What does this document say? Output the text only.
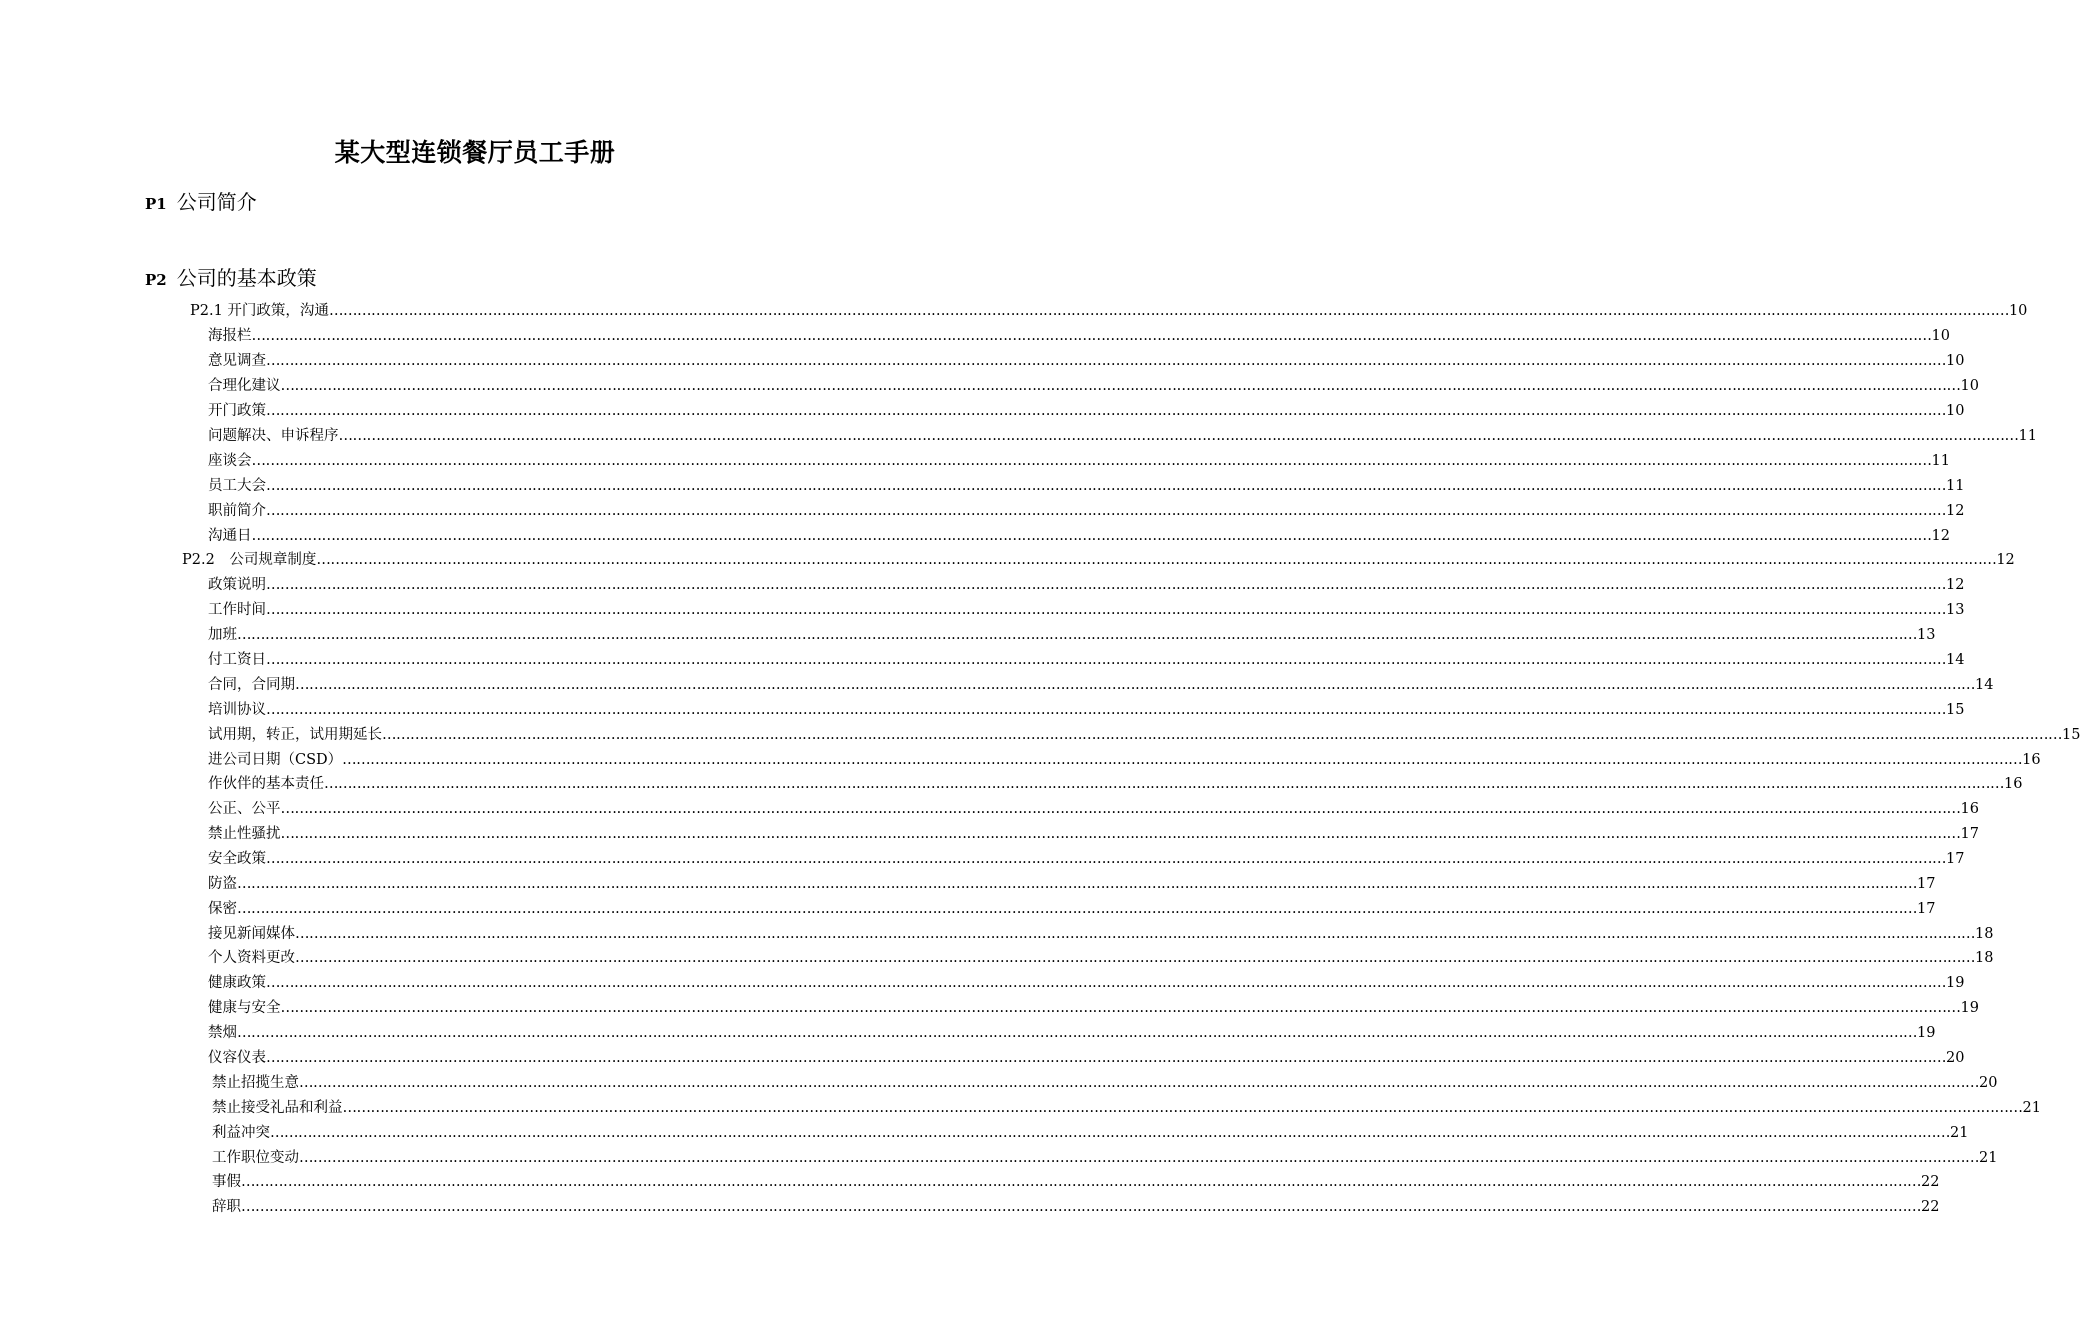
某大型连锁餐厅员工手册
P1 公司简介
P2 公司的基本政策
P2.1 开门政策，沟通 ……………………………………………………………………………………………………………………………………………………………………………………………………………………………………………………………………………………………………………………………… 10
海报栏 ……………………………………………………………………………………………………………………………………………………………………………………………………………………………………………………………………………………………………………………………… 10
意见调查 ……………………………………………………………………………………………………………………………………………………………………………………………………………………………………………………………………………………………………………………………… 10
合理化建议 ……………………………………………………………………………………………………………………………………………………………………………………………………………………………………………………………………………………………………………………………… 10
开门政策 ……………………………………………………………………………………………………………………………………………………………………………………………………………………………………………………………………………………………………………………………… 10
问题解决、申诉程序 ……………………………………………………………………………………………………………………………………………………………………………………………………………………………………………………………………………………………………………………………… 11
座谈会 ……………………………………………………………………………………………………………………………………………………………………………………………………………………………………………………………………………………………………………………………… 11
员工大会 ……………………………………………………………………………………………………………………………………………………………………………………………………………………………………………………………………………………………………………………………… 11
职前简介 ……………………………………………………………………………………………………………………………………………………………………………………………………………………………………………………………………………………………………………………………… 12
沟通日 ……………………………………………………………………………………………………………………………………………………………………………………………………………………………………………………………………………………………………………………………… 12
P2.2　公司规章制度 ……………………………………………………………………………………………………………………………………………………………………………………………………………………………………………………………………………………………………………………………… 12
政策说明 ……………………………………………………………………………………………………………………………………………………………………………………………………………………………………………………………………………………………………………………………… 12
工作时间 ……………………………………………………………………………………………………………………………………………………………………………………………………………………………………………………………………………………………………………………………… 13
加班 ……………………………………………………………………………………………………………………………………………………………………………………………………………………………………………………………………………………………………………………………… 13
付工资日 ……………………………………………………………………………………………………………………………………………………………………………………………………………………………………………………………………………………………………………………………… 14
合同，合同期 ……………………………………………………………………………………………………………………………………………………………………………………………………………………………………………………………………………………………………………………………… 14
培训协议 ……………………………………………………………………………………………………………………………………………………………………………………………………………………………………………………………………………………………………………………………… 15
试用期，转正，试用期延长 ……………………………………………………………………………………………………………………………………………………………………………………………………………………………………………………………………………………………………………………………… 15
进公司日期（CSD） ……………………………………………………………………………………………………………………………………………………………………………………………………………………………………………………………………………………………………………………………… 16
作伙伴的基本责任 ……………………………………………………………………………………………………………………………………………………………………………………………………………………………………………………………………………………………………………………………… 16
公正、公平 ……………………………………………………………………………………………………………………………………………………………………………………………………………………………………………………………………………………………………………………………… 16
禁止性骚扰 ……………………………………………………………………………………………………………………………………………………………………………………………………………………………………………………………………………………………………………………………… 17
安全政策 ……………………………………………………………………………………………………………………………………………………………………………………………………………………………………………………………………………………………………………………………… 17
防盗 ……………………………………………………………………………………………………………………………………………………………………………………………………………………………………………………………………………………………………………………………… 17
保密 ……………………………………………………………………………………………………………………………………………………………………………………………………………………………………………………………………………………………………………………………… 17
接见新闻媒体 ……………………………………………………………………………………………………………………………………………………………………………………………………………………………………………………………………………………………………………………………… 18
个人资料更改 ……………………………………………………………………………………………………………………………………………………………………………………………………………………………………………………………………………………………………………………………… 18
健康政策 ……………………………………………………………………………………………………………………………………………………………………………………………………………………………………………………………………………………………………………………………… 19
健康与安全 ……………………………………………………………………………………………………………………………………………………………………………………………………………………………………………………………………………………………………………………………… 19
禁烟 ……………………………………………………………………………………………………………………………………………………………………………………………………………………………………………………………………………………………………………………………… 19
仪容仪表 ……………………………………………………………………………………………………………………………………………………………………………………………………………………………………………………………………………………………………………………………… 20
禁止招揽生意 ……………………………………………………………………………………………………………………………………………………………………………………………………………………………………………………………………………………………………………………………… 20
禁止接受礼品和利益 ……………………………………………………………………………………………………………………………………………………………………………………………………………………………………………………………………………………………………………………………… 21
利益冲突 ……………………………………………………………………………………………………………………………………………………………………………………………………………………………………………………………………………………………………………………………… 21
工作职位变动 ……………………………………………………………………………………………………………………………………………………………………………………………………………………………………………………………………………………………………………………………… 21
事假 ……………………………………………………………………………………………………………………………………………………………………………………………………………………………………………………………………………………………………………………………… 22
辞职 ……………………………………………………………………………………………………………………………………………………………………………………………………………………………………………………………………………………………………………………………… 22
